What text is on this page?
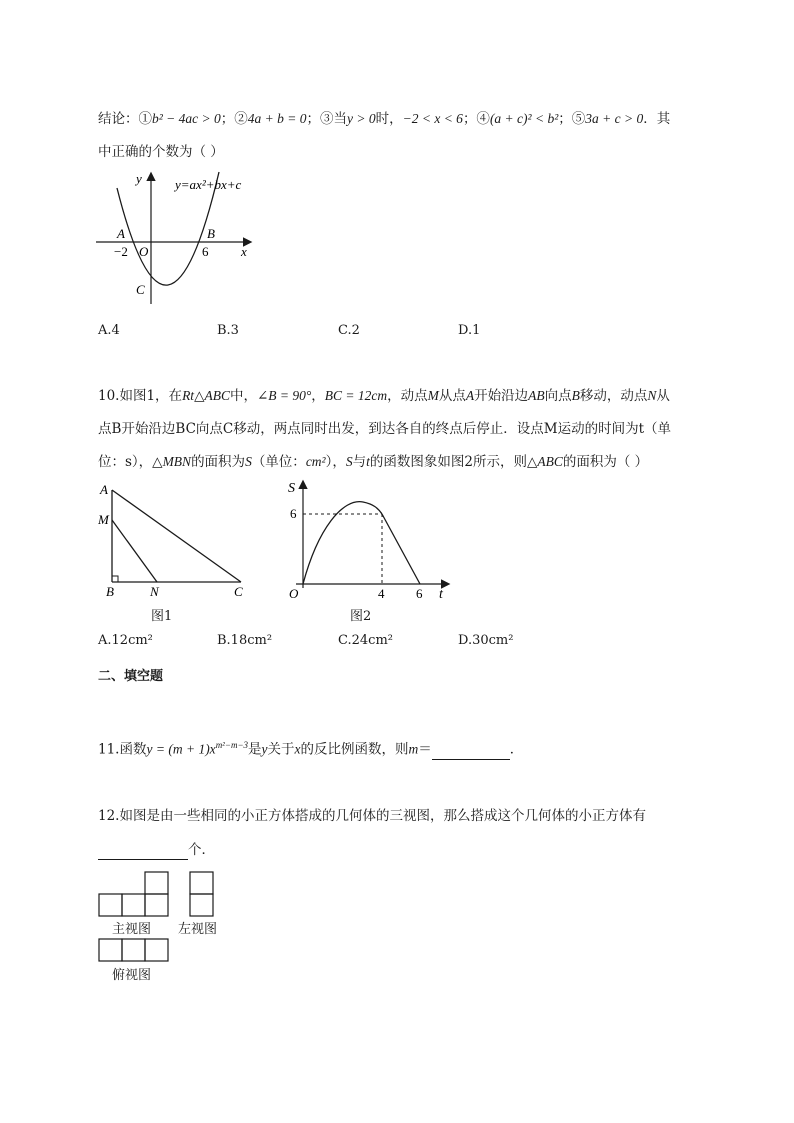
结论：①b² − 4ac > 0；②4a + b = 0；③当y > 0时，−2 < x < 6；④(a + c)² < b²；⑤3a + c > 0．其
中正确的个数为（ ）
y=ax²+bx+c
y
x
A	B
−2 O	6
C
A.4	B.3	C.2	D.1
10.如图1，在Rt△ABC中，∠B = 90°，BC = 12cm，动点M从点A开始沿边AB向点B移动，动点N从
点B开始沿边BC向点C移动，两点同时出发，到达各自的终点后停止．设点M运动的时间为t（单
位：s），△MBN的面积为S（单位：cm²），S与t的函数图象如图2所示，则△ABC的面积为（ ）
A
M
B	N	C
图1
S
6
O	4 6 t
图2
A.12cm²	B.18cm²	C.24cm²	D.30cm²
二、填空题
11.函数$y = (m + 1)x^{m^2-m-3}$是y关于x的反比例函数，则m＝	．
12.如图是由一些相同的小正方体搭成的几何体的三视图，那么搭成这个几何体的小正方体有
个．
主视图 左视图
俯视图
